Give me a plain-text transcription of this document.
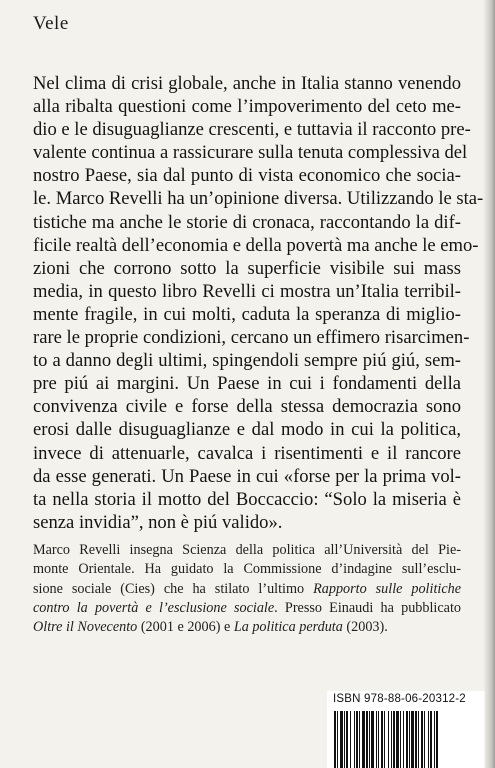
Vele
Nel clima di crisi globale, anche in Italia stanno venendo
alla ribalta questioni come l’impoverimento del ceto me-
dio e le disuguaglianze crescenti, e tuttavia il racconto pre-
valente continua a rassicurare sulla tenuta complessiva del
nostro Paese, sia dal punto di vista economico che socia-
le. Marco Revelli ha un’opinione diversa. Utilizzando le sta-
tistiche ma anche le storie di cronaca, raccontando la dif-
ficile realtà dell’economia e della povertà ma anche le emo-
zioni che corrono sotto la superficie visibile sui mass
media, in questo libro Revelli ci mostra un’Italia terribil-
mente fragile, in cui molti, caduta la speranza di miglio-
rare le proprie condizioni, cercano un effimero risarcimen-
to a danno degli ultimi, spingendoli sempre piú giú, sem-
pre piú ai margini. Un Paese in cui i fondamenti della
convivenza civile e forse della stessa democrazia sono
erosi dalle disuguaglianze e dal modo in cui la politica,
invece di attenuarle, cavalca i risentimenti e il rancore
da esse generati. Un Paese in cui «forse per la prima vol-
ta nella storia il motto del Boccaccio: “Solo la miseria è
senza invidia”, non è piú valido».
Marco Revelli insegna Scienza della politica all’Università del Pie-
monte Orientale. Ha guidato la Commissione d’indagine sull’esclu-
sione sociale (Cies) che ha stilato l’ultimo Rapporto sulle politiche
contro la povertà e l’esclusione sociale. Presso Einaudi ha pubblicato
Oltre il Novecento (2001 e 2006) e La politica perduta (2003).
ISBN 978-88-06-20312-2
